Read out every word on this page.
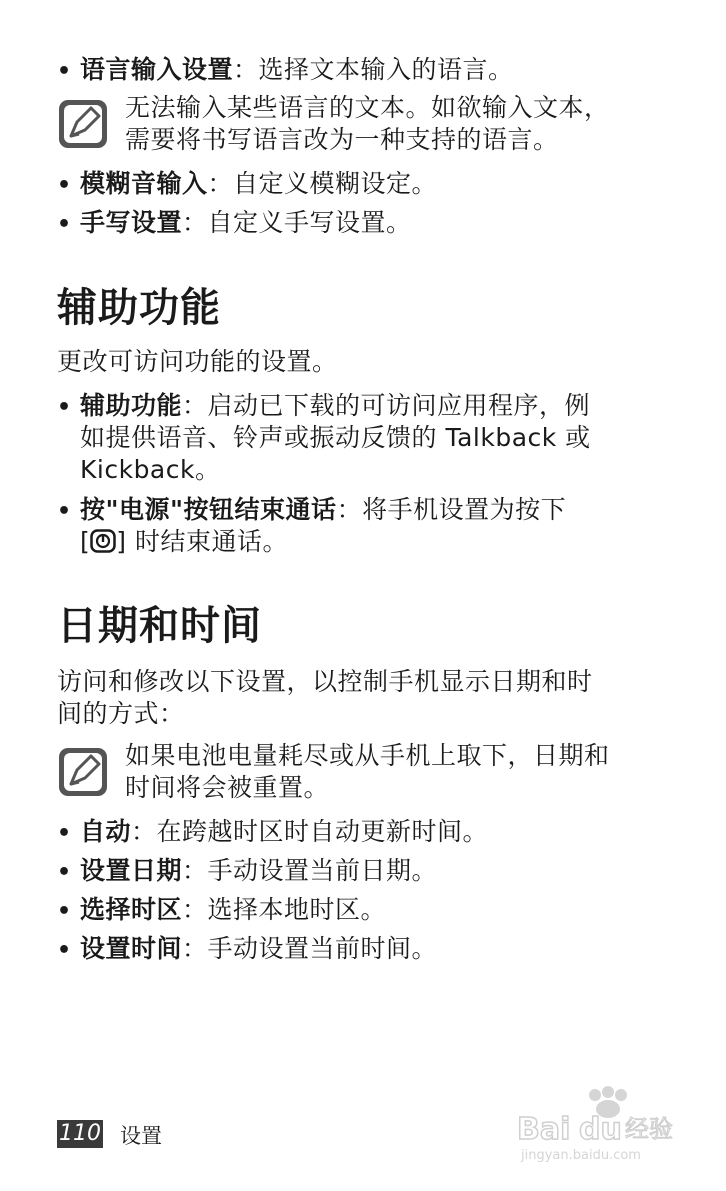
• 语言输入设置：选择文本输入的语言。
无法输入某些语言的文本。如欲输入文本，
需要将书写语言改为一种支持的语言。
• 模糊音输入：自定义模糊设定。
• 手写设置：自定义手写设置。
辅助功能
更改可访问功能的设置。
• 辅助功能：启动已下载的可访问应用程序，例
如提供语音、铃声或振动反馈的 Talkback 或
Kickback。
• 按"电源"按钮结束通话：将手机设置为按下
[ ] 时结束通话。
日期和时间
访问和修改以下设置，以控制手机显示日期和时
间的方式：
如果电池电量耗尽或从手机上取下，日期和
时间将会被重置。
• 自动：在跨越时区时自动更新时间。
• 设置日期：手动设置当前日期。
• 选择时区：选择本地时区。
• 设置时间：手动设置当前时间。
110 设置	Bai du 经验
jingyan.baidu.com
